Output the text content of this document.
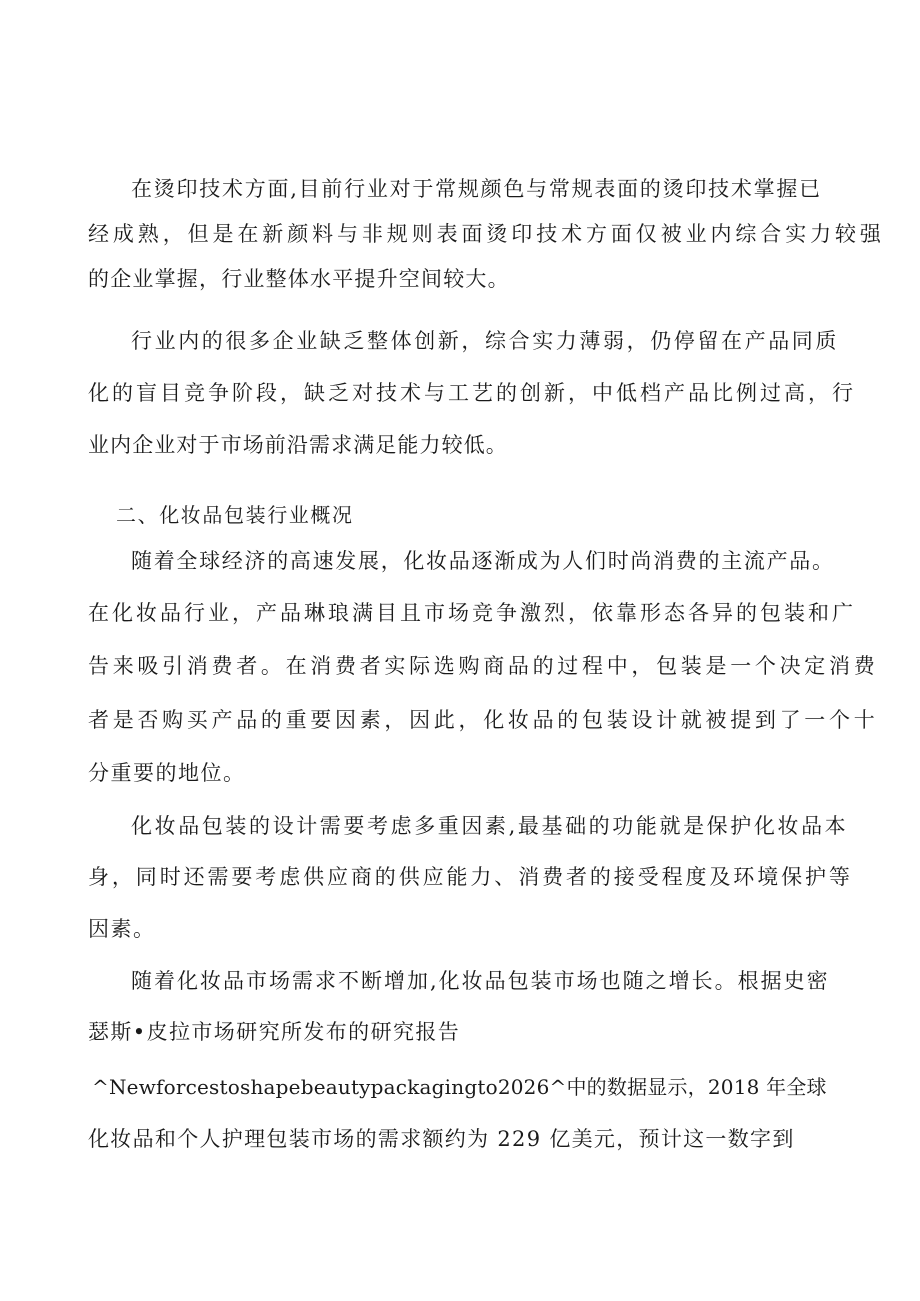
在烫印技术方面,目前行业对于常规颜色与常规表面的烫印技术掌握已
经成熟，但是在新颜料与非规则表面烫印技术方面仅被业内综合实力较强
的企业掌握，行业整体水平提升空间较大。
行业内的很多企业缺乏整体创新，综合实力薄弱，仍停留在产品同质
化的盲目竞争阶段，缺乏对技术与工艺的创新，中低档产品比例过高，行
业内企业对于市场前沿需求满足能力较低。
二、化妆品包装行业概况
随着全球经济的高速发展，化妆品逐渐成为人们时尚消费的主流产品。
在化妆品行业，产品琳琅满目且市场竞争激烈，依靠形态各异的包装和广
告来吸引消费者。在消费者实际选购商品的过程中，包装是一个决定消费
者是否购买产品的重要因素，因此，化妆品的包装设计就被提到了一个十
分重要的地位。
化妆品包装的设计需要考虑多重因素,最基础的功能就是保护化妆品本
身，同时还需要考虑供应商的供应能力、消费者的接受程度及环境保护等
因素。
随着化妆品市场需求不断增加,化妆品包装市场也随之增长。根据史密
瑟斯•皮拉市场研究所发布的研究报告
^Newforcestoshapebeautypackagingto2026^中的数据显示，2018 年全球
化妆品和个人护理包装市场的需求额约为 229 亿美元，预计这一数字到
